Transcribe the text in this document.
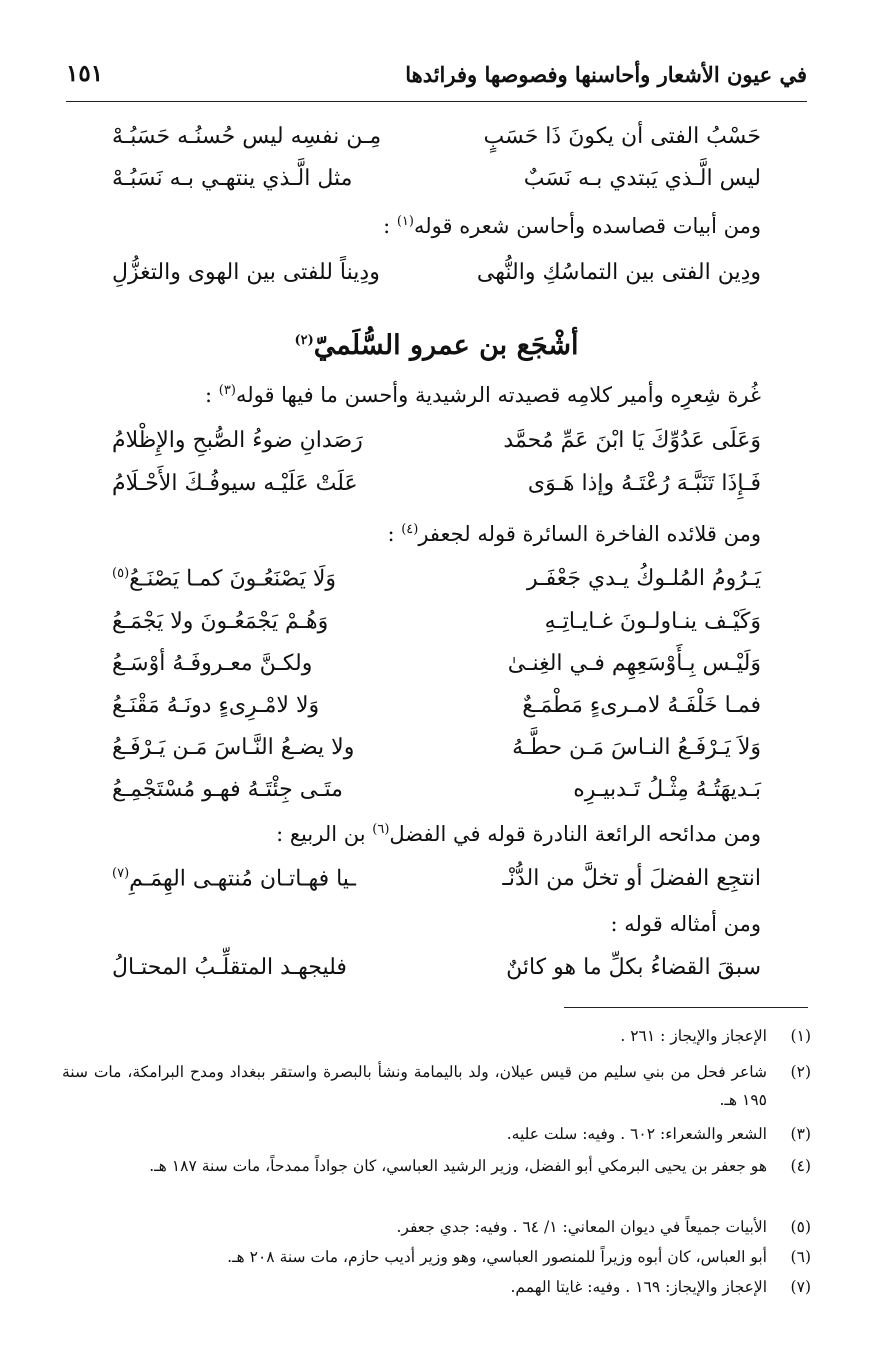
في عيون الأشعار وأحاسنها وفصوصها وفرائدها
١٥١
حَسْبُ الفتى أن يكونَ ذَا حَسَبٍ
مِـن نفسِه ليس حُسنُـه حَسَبُـهْ
ليس الَّـذي يَبتدي بـه نَسَبٌ
مثل الَّـذي ينتهـي بـه نَسَبُـهْ
ومن أبيات قصاسده وأحاسن شعره قوله$^{(١)}$ :
ودِين الفتى بين التماسُكِ والنُّهى
ودِيناً للفتى بين الهوى والتغزُّلِ
أشْجَع بن عمرو السُّلَميّ$^{(٢)}$
غُرة شِعرِه وأمير كلامِه قصيدته الرشيدية وأحسن ما فيها قوله$^{(٣)}$ :
وَعَلَى عَدُوِّكَ يَا ابْنَ عَمِّ مُحمَّد
رَصَدانِ ضوءُ الصُّبحِ والإِظْلامُ
فَـإِذَا تَنَبَّـهَ رُعْتَـهُ وإذا هَـوَى
عَلَتْ عَلَيْـه سيوفُـكَ الأَحْـلَامُ
ومن قلائده الفاخرة السائرة قوله لجعفر$^{(٤)}$ :
يَـرُومُ المُلـوكُ يـدي جَعْفَـر
وَلَا يَصْنَعُـونَ كمـا يَصْنَـعُ$^{(٥)}$
وَكَيْـف ينـاولـونَ غـايـاتِـهِ
وَهُـمْ يَجْمَعُـونَ ولا يَجْمَـعُ
وَلَيْـس بِـأَوْسَعِهِم فـي الغِنـىٰ
ولكـنَّ معـروفَـهُ أوْسَـعُ
فمـا خَلْفَـهُ لامـرىءٍ مَطْمَـعٌ
وَلا لامْـرِىءٍ دونَـهُ مَقْنَـعُ
وَلاَ يَـرْفَـعُ النـاسَ مَـن حطَّـهُ
ولا يضـعُ النَّـاسَ مَـن يَـرْفَـعُ
بَـديهَتُـهُ مِثْـلُ تَـدبيـرِه
متَـى جِئْتَـهُ فهـو مُسْتَجْمِـعُ
ومن مدائحه الرائعة النادرة قوله في الفضل$^{(٦)}$ بن الربيع :
انتجِع الفضلَ أو تخلَّ من الدُّنْـ
ـيا فهـاتـان مُنتهـى الهِمَـمِ$^{(٧)}$
ومن أمثاله قوله :
سبقَ القضاءُ بكلِّ ما هو كائنٌ
فليجهـد المتقلِّـبُ المحتـالُ
(١)
الإعجاز والإيجاز : ٢٦١ .
(٢)
شاعر فحل من بني سليم من قيس عيلان، ولد باليمامة ونشأ بالبصرة واستقر ببغداد ومدح البرامكة، مات سنة ١٩٥ هـ.
(٣)
الشعر والشعراء: ٦٠٢ . وفيه: سلت عليه.
(٤)
هو جعفر بن يحيى البرمكي أبو الفضل، وزير الرشيد العباسي، كان جواداً ممدحاً، مات سنة ١٨٧ هـ.
(٥)
الأبيات جميعاً في ديوان المعاني: ١/ ٦٤ . وفيه: جدي جعفر.
(٦)
أبو العباس، كان أبوه وزيراً للمنصور العباسي، وهو وزير أديب حازم، مات سنة ٢٠٨ هـ.
(٧)
الإعجاز والإيجاز: ١٦٩ . وفيه: غايتا الهمم.
